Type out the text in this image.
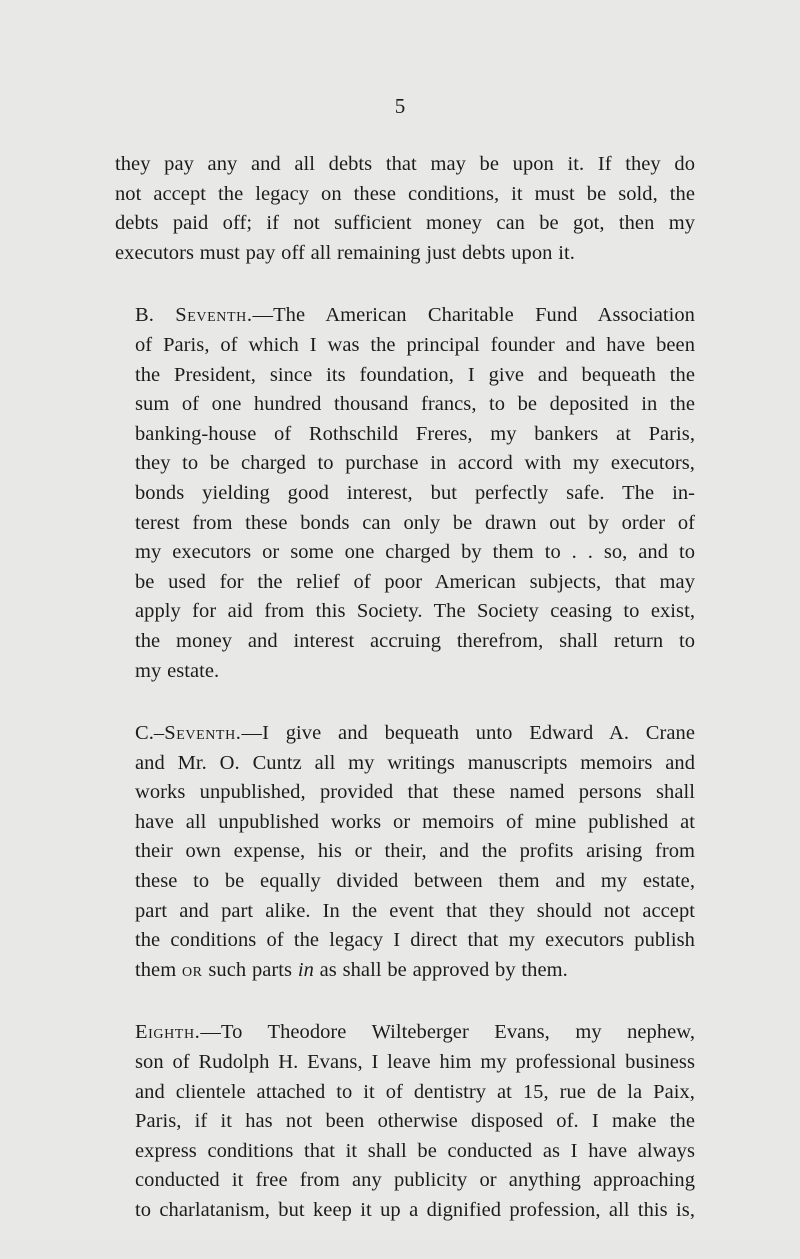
5

they pay any and all debts that may be upon it. If they do
not accept the legacy on these conditions, it must be sold, the
debts paid off; if not sufficient money can be got, then my
executors must pay off all remaining just debts upon it.

B. Seventh.—The American Charitable Fund Association
of Paris, of which I was the principal founder and have been
the President, since its foundation, I give and bequeath the
sum of one hundred thousand francs, to be deposited in the
banking-house of Rothschild Freres, my bankers at Paris,
they to be charged to purchase in accord with my executors,
bonds yielding good interest, but perfectly safe. The in-
terest from these bonds can only be drawn out by order of
my executors or some one charged by them to . . so, and to
be used for the relief of poor American subjects, that may
apply for aid from this Society. The Society ceasing to exist,
the money and interest accruing therefrom, shall return to
my estate.

C.–Seventh.—I give and bequeath unto Edward A. Crane
and Mr. O. Cuntz all my writings manuscripts memoirs and
works unpublished, provided that these named persons shall
have all unpublished works or memoirs of mine published at
their own expense, his or their, and the profits arising from
these to be equally divided between them and my estate,
part and part alike. In the event that they should not accept
the conditions of the legacy I direct that my executors publish
them or such parts in as shall be approved by them.

Eighth.—To Theodore Wilteberger Evans, my nephew,
son of Rudolph H. Evans, I leave him my professional business
and clientele attached to it of dentistry at 15, rue de la Paix,
Paris, if it has not been otherwise disposed of. I make the
express conditions that it shall be conducted as I have always
conducted it free from any publicity or anything approaching
to charlatanism, but keep it up a dignified profession, all this is,
